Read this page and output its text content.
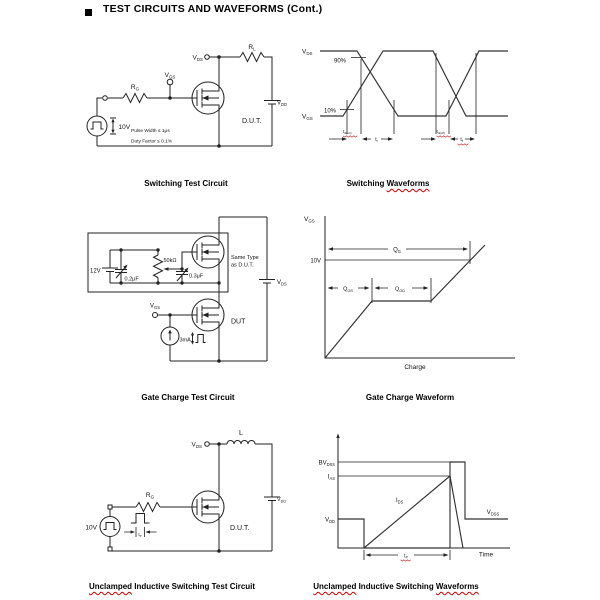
TEST CIRCUITS AND WAVEFORMS (Cont.)
$V_{DS}$
$R_L$
$V_{GS}$
$R_G$
$V_{DD}$
10V
Pulse Width ≤ 1μs
Duty Factor ≤ 0.1%
D.U.T.
$V_{DS}$
$V_{GS}$
90%
10%
$t_{d(on)}$
$t_r$
$t_{d(off)}$
$t_f$
12V
0.2μF
50kΩ
0.3μF
Same Type
as D.U.T.
$V_{DS}$
$V_{GS}$
3mA
DUT
$V_{GS}$
10V
$Q_G$
$Q_{GS}$	$Q_{GD}$
Charge
$V_{DS}$
L
$V_{DD}$
$R_G$
10V
$t_P$
D.U.T.
$BV_{DSS}$
$I_{AS}$
$V_{DD}$
$I_{DS}$
$V_{DSS}$
$t_P$	Time
Switching Test Circuit	Switching Waveforms
Gate Charge Test Circuit	Gate Charge Waveform
Unclamped Inductive Switching Test Circuit	Unclamped Inductive Switching Waveforms
